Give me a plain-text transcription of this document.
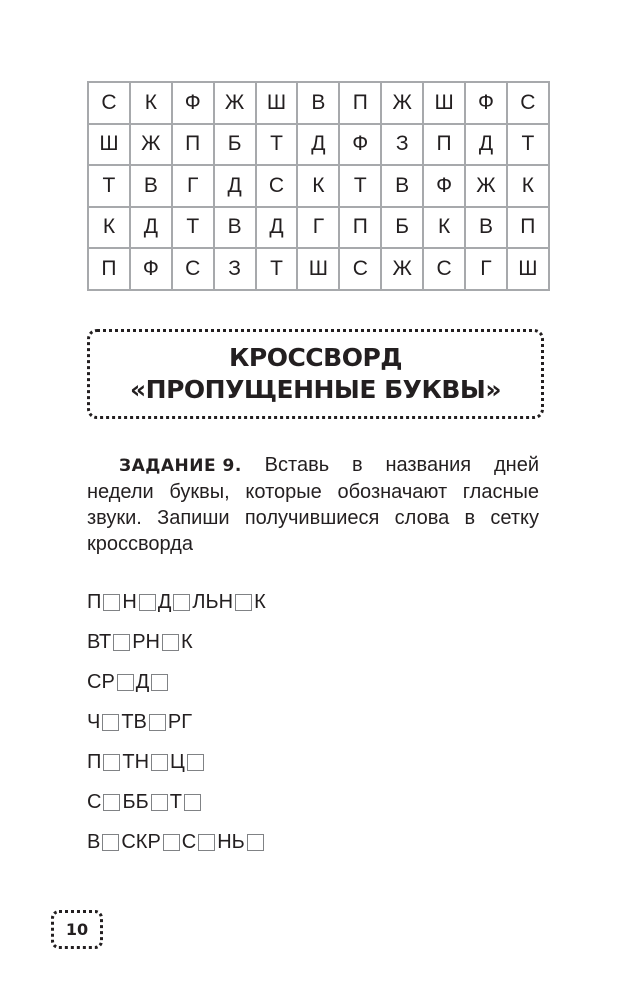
С	К	Ф	Ж	Ш	В	П	Ж	Ш	Ф	С
Ш	Ж	П	Б	Т	Д	Ф	З	П	Д	Т
Т	В	Г	Д	С	К	Т	В	Ф	Ж	К
К	Д	Т	В	Д	Г	П	Б	К	В	П
П	Ф	С	З	Т	Ш	С	Ж	С	Г	Ш
КРОССВОРД
«ПРОПУЩЕННЫЕ БУКВЫ»
ЗАДАНИЕ 9. Вставь в названия дней недели буквы, которые обозначают гласные звуки. Запиши получившиеся слова в сетку кроссворда
П Н Д ЛЬН К
ВТ РН К
СР Д
Ч ТВ РГ
П ТН Ц
С ББ Т
В СКР С НЬ
10
